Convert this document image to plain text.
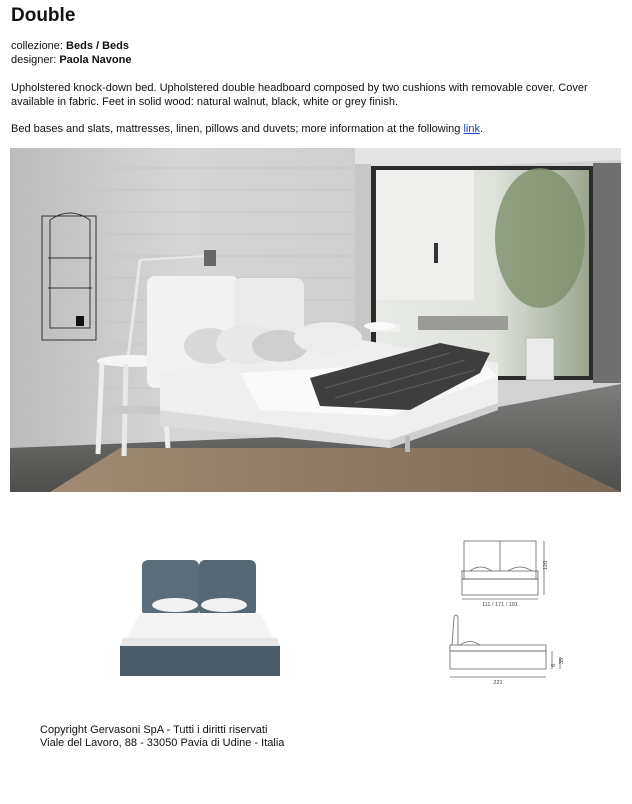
Double
collezione: Beds / Beds
designer: Paola Navone
Upholstered knock-down bed. Upholstered double headboard composed by two cushions with removable cover. Cover available in fabric. Feet in solid wood: natural walnut, black, white or grey finish.
Bed bases and slats, mattresses, linen, pillows and duvets; more information at the following link.
120
111 / 171 / 191
221
6
35
Copyright Gervasoni SpA - Tutti i diritti riservati
Viale del Lavoro, 88 - 33050 Pavia di Udine - Italia
